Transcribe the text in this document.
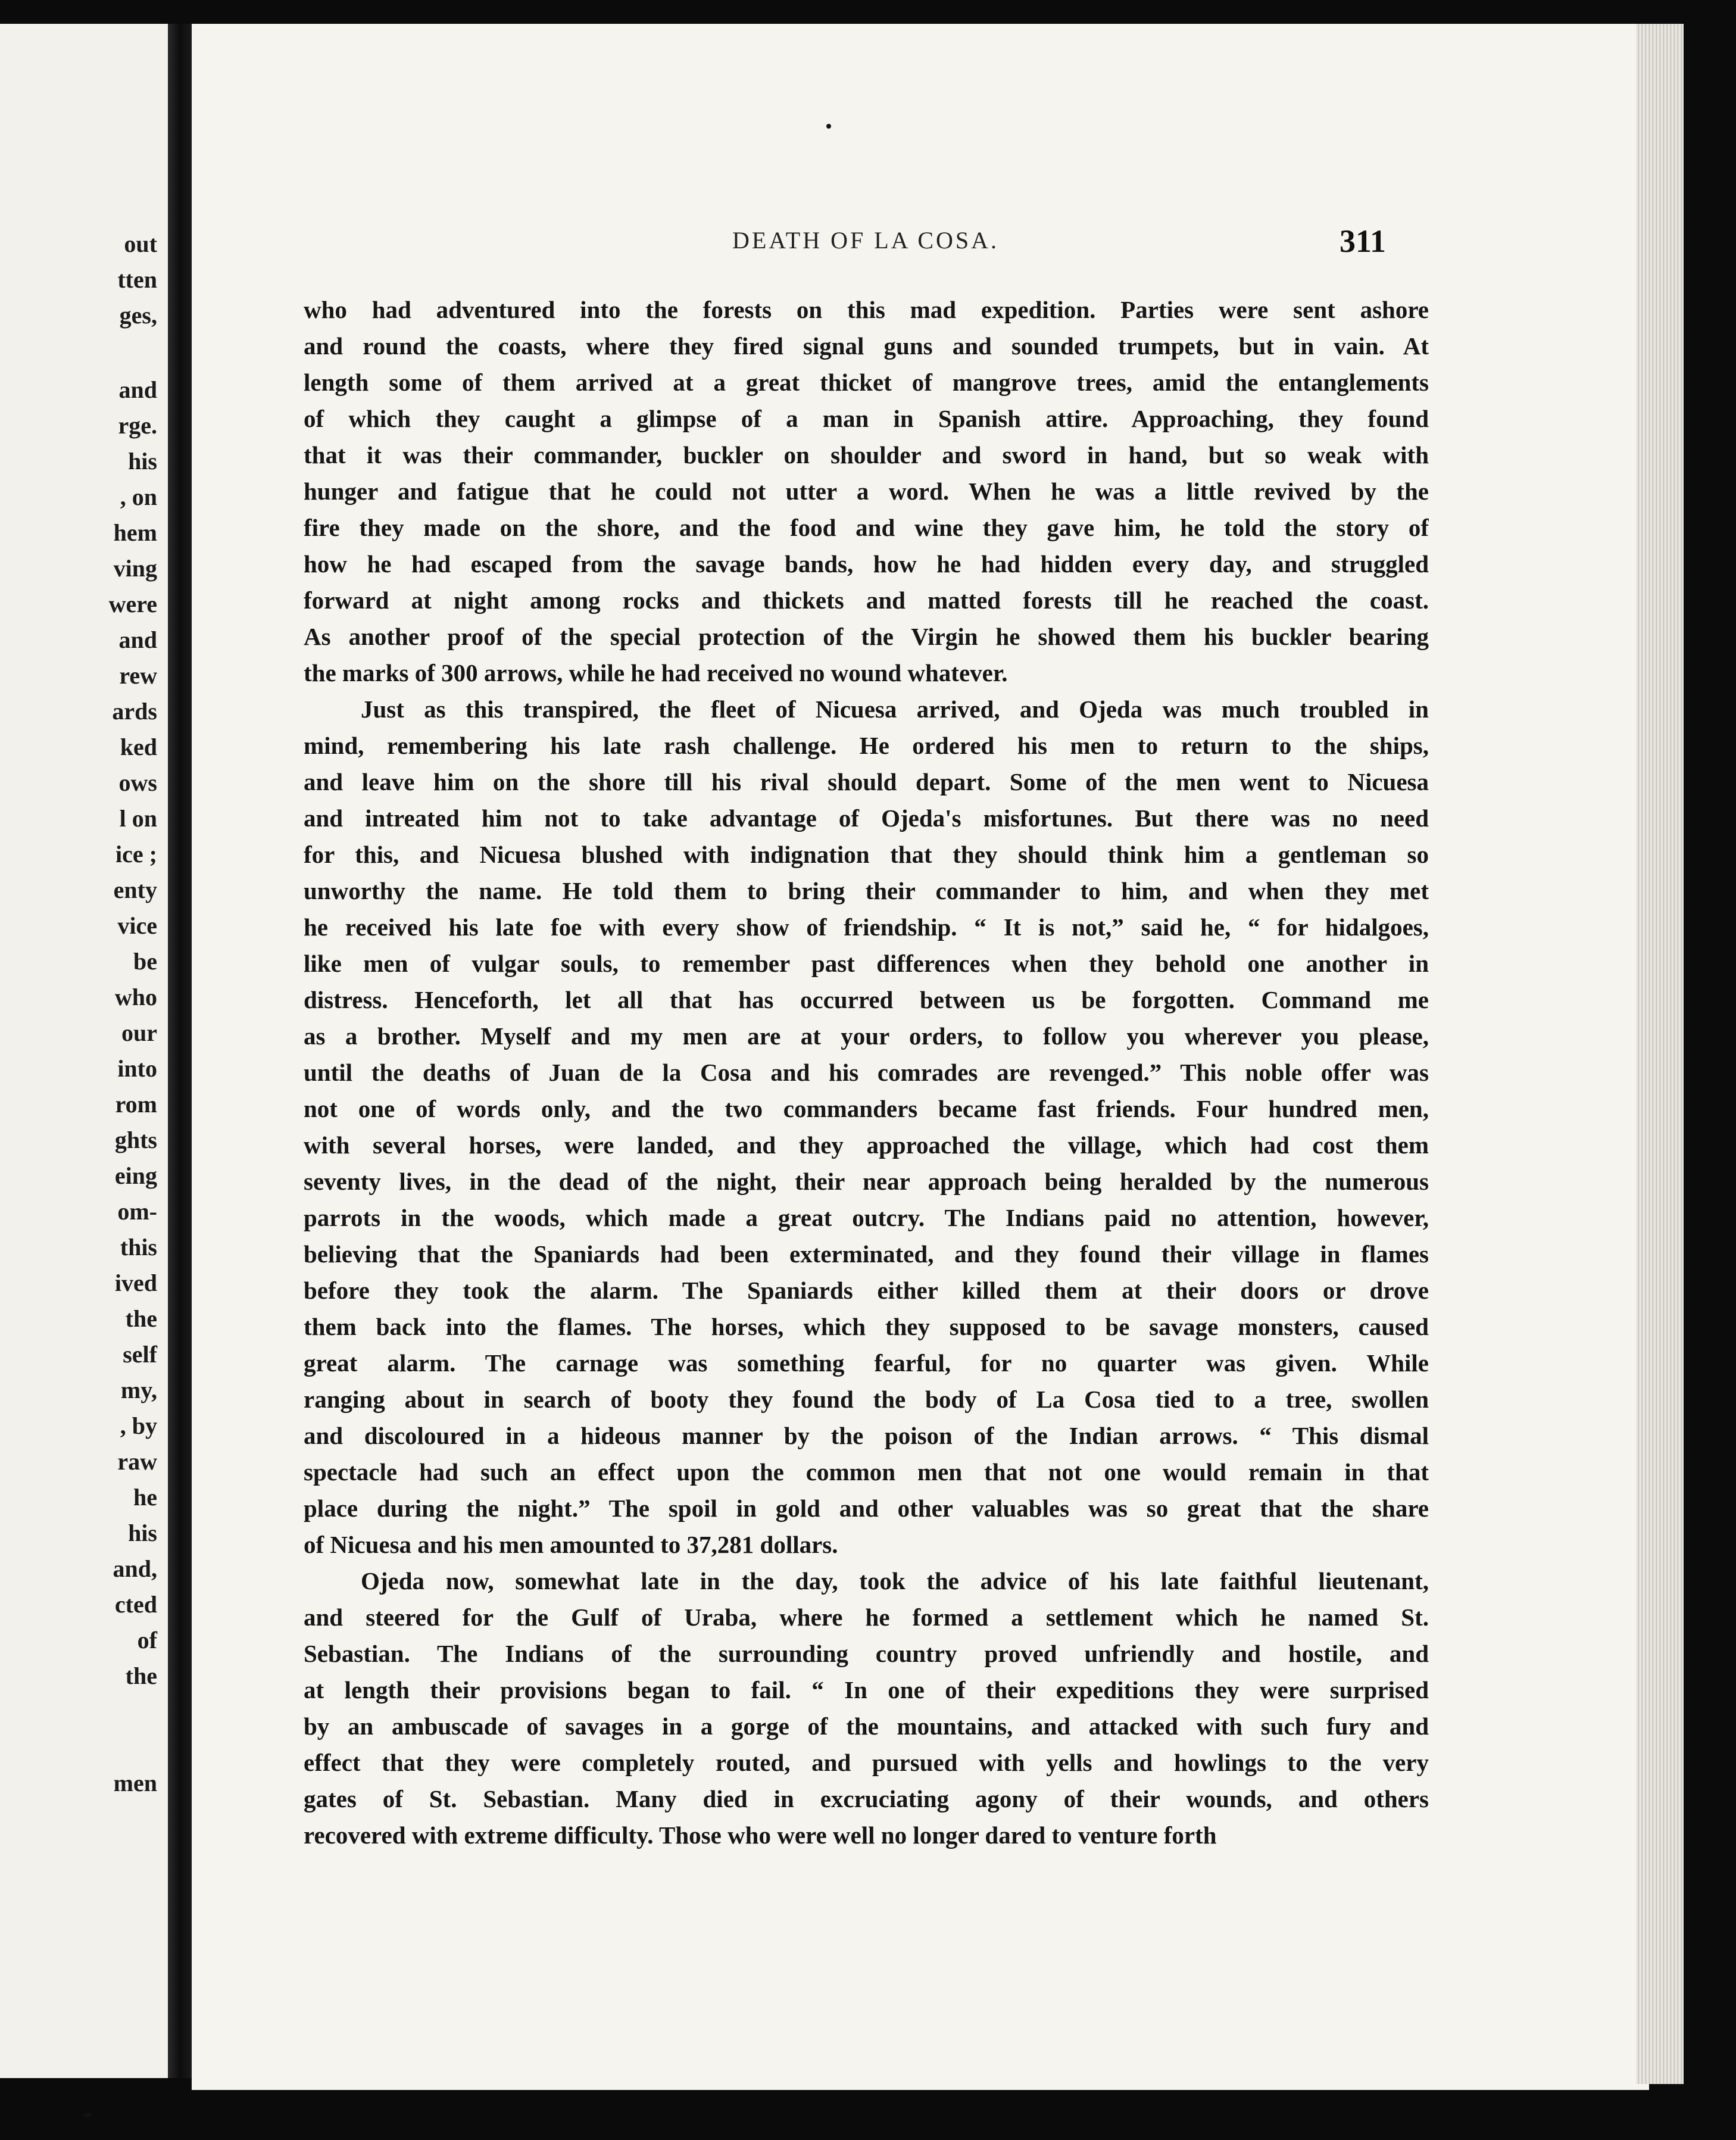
out
tten
ges,
and
rge.
his
, on
hem
ving
were
and
rew
ards
ked
ows
l on
ice ;
enty
vice
be
who
our
into
rom
ghts
eing
om-
this
ived
the
self
my,
, by
raw
he
his
and,
cted
of
the
men
DEATH OF LA COSA.	311
who had adventured into the forests on this mad expedition. Parties were sent ashore
and round the coasts, where they fired signal guns and sounded trumpets, but in vain. At
length some of them arrived at a great thicket of mangrove trees, amid the entanglements
of which they caught a glimpse of a man in Spanish attire. Approaching, they found
that it was their commander, buckler on shoulder and sword in hand, but so weak with
hunger and fatigue that he could not utter a word. When he was a little revived by the
fire they made on the shore, and the food and wine they gave him, he told the story of
how he had escaped from the savage bands, how he had hidden every day, and struggled
forward at night among rocks and thickets and matted forests till he reached the coast.
As another proof of the special protection of the Virgin he showed them his buckler bearing
the marks of 300 arrows, while he had received no wound whatever.
Just as this transpired, the fleet of Nicuesa arrived, and Ojeda was much troubled in
mind, remembering his late rash challenge. He ordered his men to return to the ships,
and leave him on the shore till his rival should depart. Some of the men went to Nicuesa
and intreated him not to take advantage of Ojeda's misfortunes. But there was no need
for this, and Nicuesa blushed with indignation that they should think him a gentleman so
unworthy the name. He told them to bring their commander to him, and when they met
he received his late foe with every show of friendship. “ It is not,” said he, “ for hidalgoes,
like men of vulgar souls, to remember past differences when they behold one another in
distress. Henceforth, let all that has occurred between us be forgotten. Command me
as a brother. Myself and my men are at your orders, to follow you wherever you please,
until the deaths of Juan de la Cosa and his comrades are revenged.” This noble offer was
not one of words only, and the two commanders became fast friends. Four hundred men,
with several horses, were landed, and they approached the village, which had cost them
seventy lives, in the dead of the night, their near approach being heralded by the numerous
parrots in the woods, which made a great outcry. The Indians paid no attention, however,
believing that the Spaniards had been exterminated, and they found their village in flames
before they took the alarm. The Spaniards either killed them at their doors or drove
them back into the flames. The horses, which they supposed to be savage monsters, caused
great alarm. The carnage was something fearful, for no quarter was given. While
ranging about in search of booty they found the body of La Cosa tied to a tree, swollen
and discoloured in a hideous manner by the poison of the Indian arrows. “ This dismal
spectacle had such an effect upon the common men that not one would remain in that
place during the night.” The spoil in gold and other valuables was so great that the share
of Nicuesa and his men amounted to 37,281 dollars.
Ojeda now, somewhat late in the day, took the advice of his late faithful lieutenant,
and steered for the Gulf of Uraba, where he formed a settlement which he named St.
Sebastian. The Indians of the surrounding country proved unfriendly and hostile, and
at length their provisions began to fail. “ In one of their expeditions they were surprised
by an ambuscade of savages in a gorge of the mountains, and attacked with such fury and
effect that they were completely routed, and pursued with yells and howlings to the very
gates of St. Sebastian. Many died in excruciating agony of their wounds, and others
recovered with extreme difficulty. Those who were well no longer dared to venture forth
